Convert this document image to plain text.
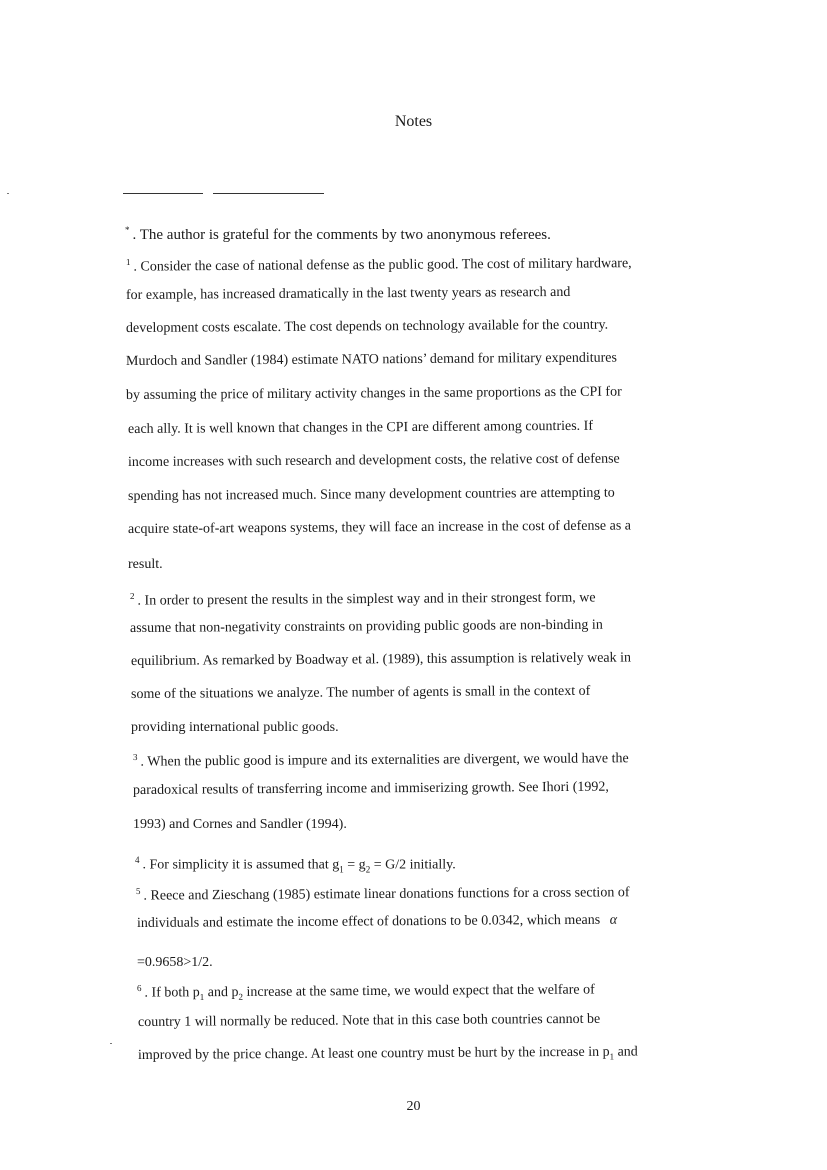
Notes
* . The author is grateful for the comments by two anonymous referees.
$^1$ . Consider the case of national defense as the public good. The cost of military hardware,
for example, has increased dramatically in the last twenty years as research and
development costs escalate. The cost depends on technology available for the country.
Murdoch and Sandler (1984) estimate NATO nations’ demand for military expenditures
by assuming the price of military activity changes in the same proportions as the CPI for
each ally. It is well known that changes in the CPI are different among countries. If
income increases with such research and development costs, the relative cost of defense
spending has not increased much. Since many development countries are attempting to
acquire state-of-art weapons systems, they will face an increase in the cost of defense as a
result.
$^2$ . In order to present the results in the simplest way and in their strongest form, we
assume that non-negativity constraints on providing public goods are non-binding in
equilibrium. As remarked by Boadway et al. (1989), this assumption is relatively weak in
some of the situations we analyze. The number of agents is small in the context of
providing international public goods.
$^3$ . When the public good is impure and its externalities are divergent, we would have the
paradoxical results of transferring income and immiserizing growth. See Ihori (1992,
1993) and Cornes and Sandler (1994).
$^4$ . For simplicity it is assumed that $g_1 = g_2 = G/2$ initially.
$^5$ . Reece and Zieschang (1985) estimate linear donations functions for a cross section of
individuals and estimate the income effect of donations to be 0.0342, which means α
=0.9658>1/2.
$^6$ . If both $p_1$ and $p_2$ increase at the same time, we would expect that the welfare of
country 1 will normally be reduced. Note that in this case both countries cannot be
improved by the price change. At least one country must be hurt by the increase in $p_1$ and
20
